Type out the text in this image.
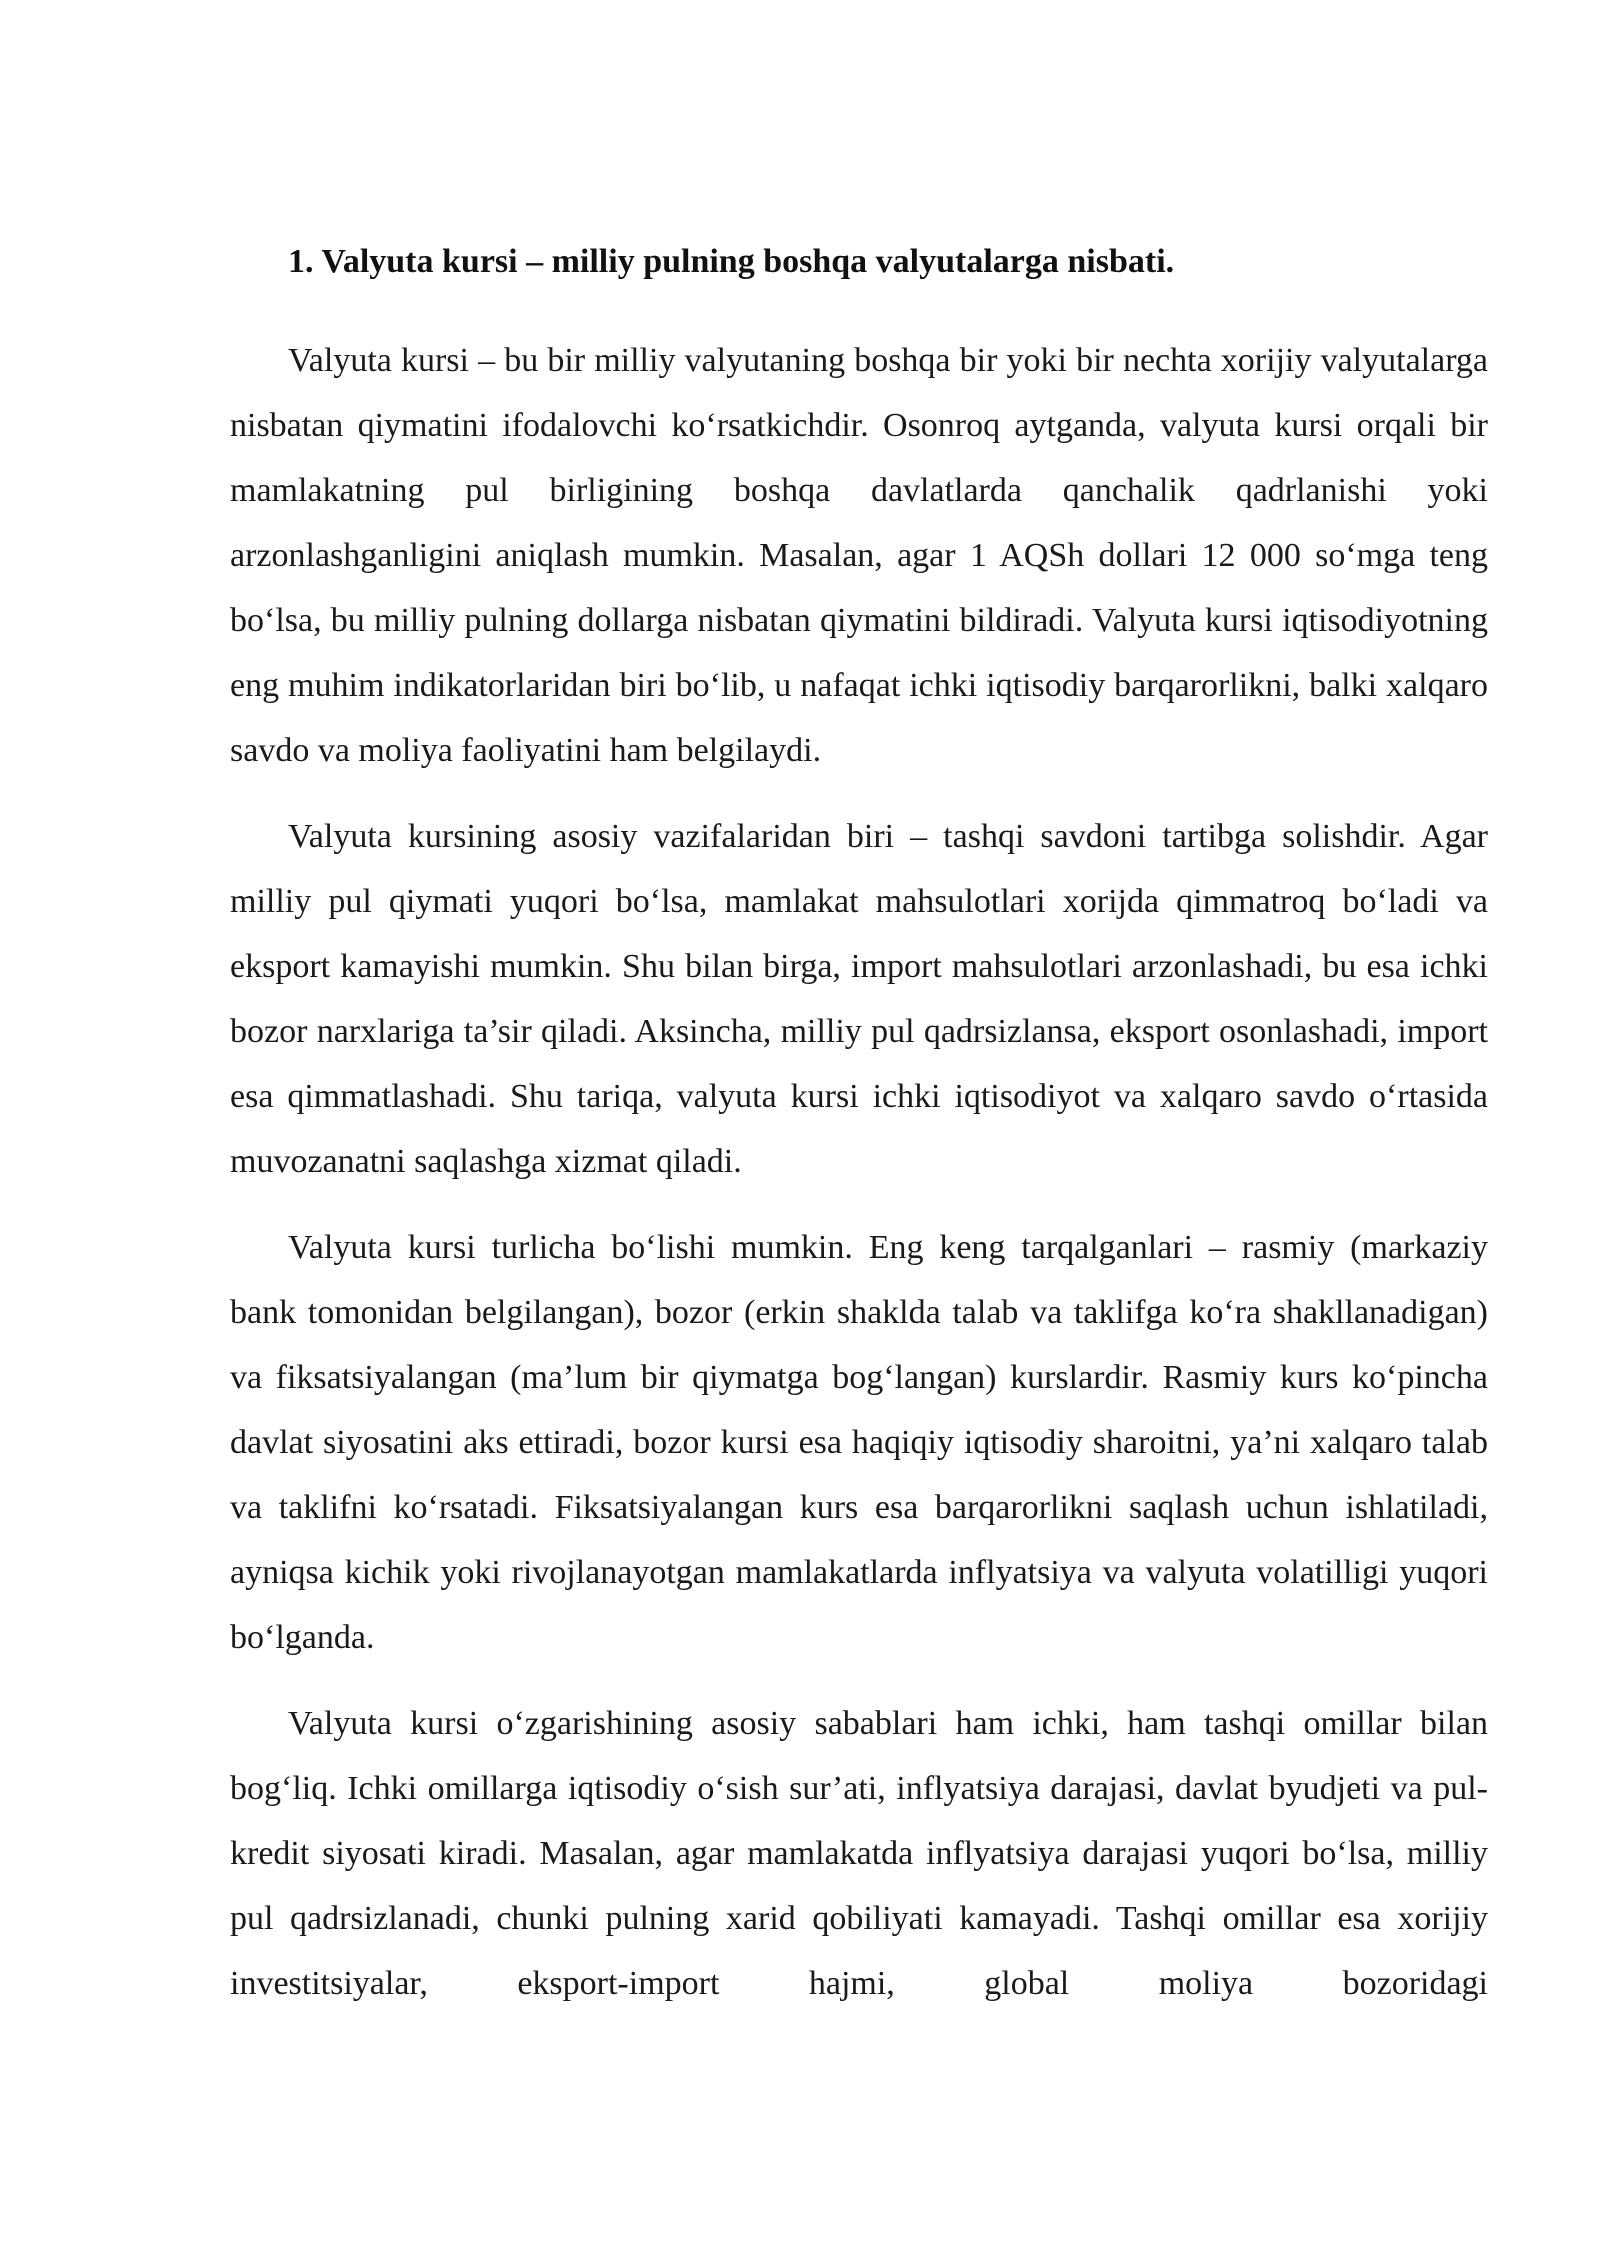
1. Valyuta kursi – milliy pulning boshqa valyutalarga nisbati.

Valyuta kursi – bu bir milliy valyutaning boshqa bir yoki bir nechta xorijiy valyutalarga nisbatan qiymatini ifodalovchi ko‘rsatkichdir. Osonroq aytganda, valyuta kursi orqali bir mamlakatning pul birligining boshqa davlatlarda qanchalik qadrlanishi yoki arzonlashganligini aniqlash mumkin. Masalan, agar 1 AQSh dollari 12 000 so‘mga teng bo‘lsa, bu milliy pulning dollarga nisbatan qiymatini bildiradi. Valyuta kursi iqtisodiyotning eng muhim indikatorlaridan biri bo‘lib, u nafaqat ichki iqtisodiy barqarorlikni, balki xalqaro savdo va moliya faoliyatini ham belgilaydi.

Valyuta kursining asosiy vazifalaridan biri – tashqi savdoni tartibga solishdir. Agar milliy pul qiymati yuqori bo‘lsa, mamlakat mahsulotlari xorijda qimmatroq bo‘ladi va eksport kamayishi mumkin. Shu bilan birga, import mahsulotlari arzonlashadi, bu esa ichki bozor narxlariga ta’sir qiladi. Aksincha, milliy pul qadrsizlansa, eksport osonlashadi, import esa qimmatlashadi. Shu tariqa, valyuta kursi ichki iqtisodiyot va xalqaro savdo o‘rtasida muvozanatni saqlashga xizmat qiladi.

Valyuta kursi turlicha bo‘lishi mumkin. Eng keng tarqalganlari – rasmiy (markaziy bank tomonidan belgilangan), bozor (erkin shaklda talab va taklifga ko‘ra shakllanadigan) va fiksatsiyalangan (ma’lum bir qiymatga bog‘langan) kurslardir. Rasmiy kurs ko‘pincha davlat siyosatini aks ettiradi, bozor kursi esa haqiqiy iqtisodiy sharoitni, ya’ni xalqaro talab va taklifni ko‘rsatadi. Fiksatsiyalangan kurs esa barqarorlikni saqlash uchun ishlatiladi, ayniqsa kichik yoki rivojlanayotgan mamlakatlarda inflyatsiya va valyuta volatilligi yuqori bo‘lganda.

Valyuta kursi o‘zgarishining asosiy sabablari ham ichki, ham tashqi omillar bilan bog‘liq. Ichki omillarga iqtisodiy o‘sish sur’ati, inflyatsiya darajasi, davlat byudjeti va pul-kredit siyosati kiradi. Masalan, agar mamlakatda inflyatsiya darajasi yuqori bo‘lsa, milliy pul qadrsizlanadi, chunki pulning xarid qobiliyati kamayadi. Tashqi omillar esa xorijiy investitsiyalar, eksport-import hajmi, global moliya bozoridagi
